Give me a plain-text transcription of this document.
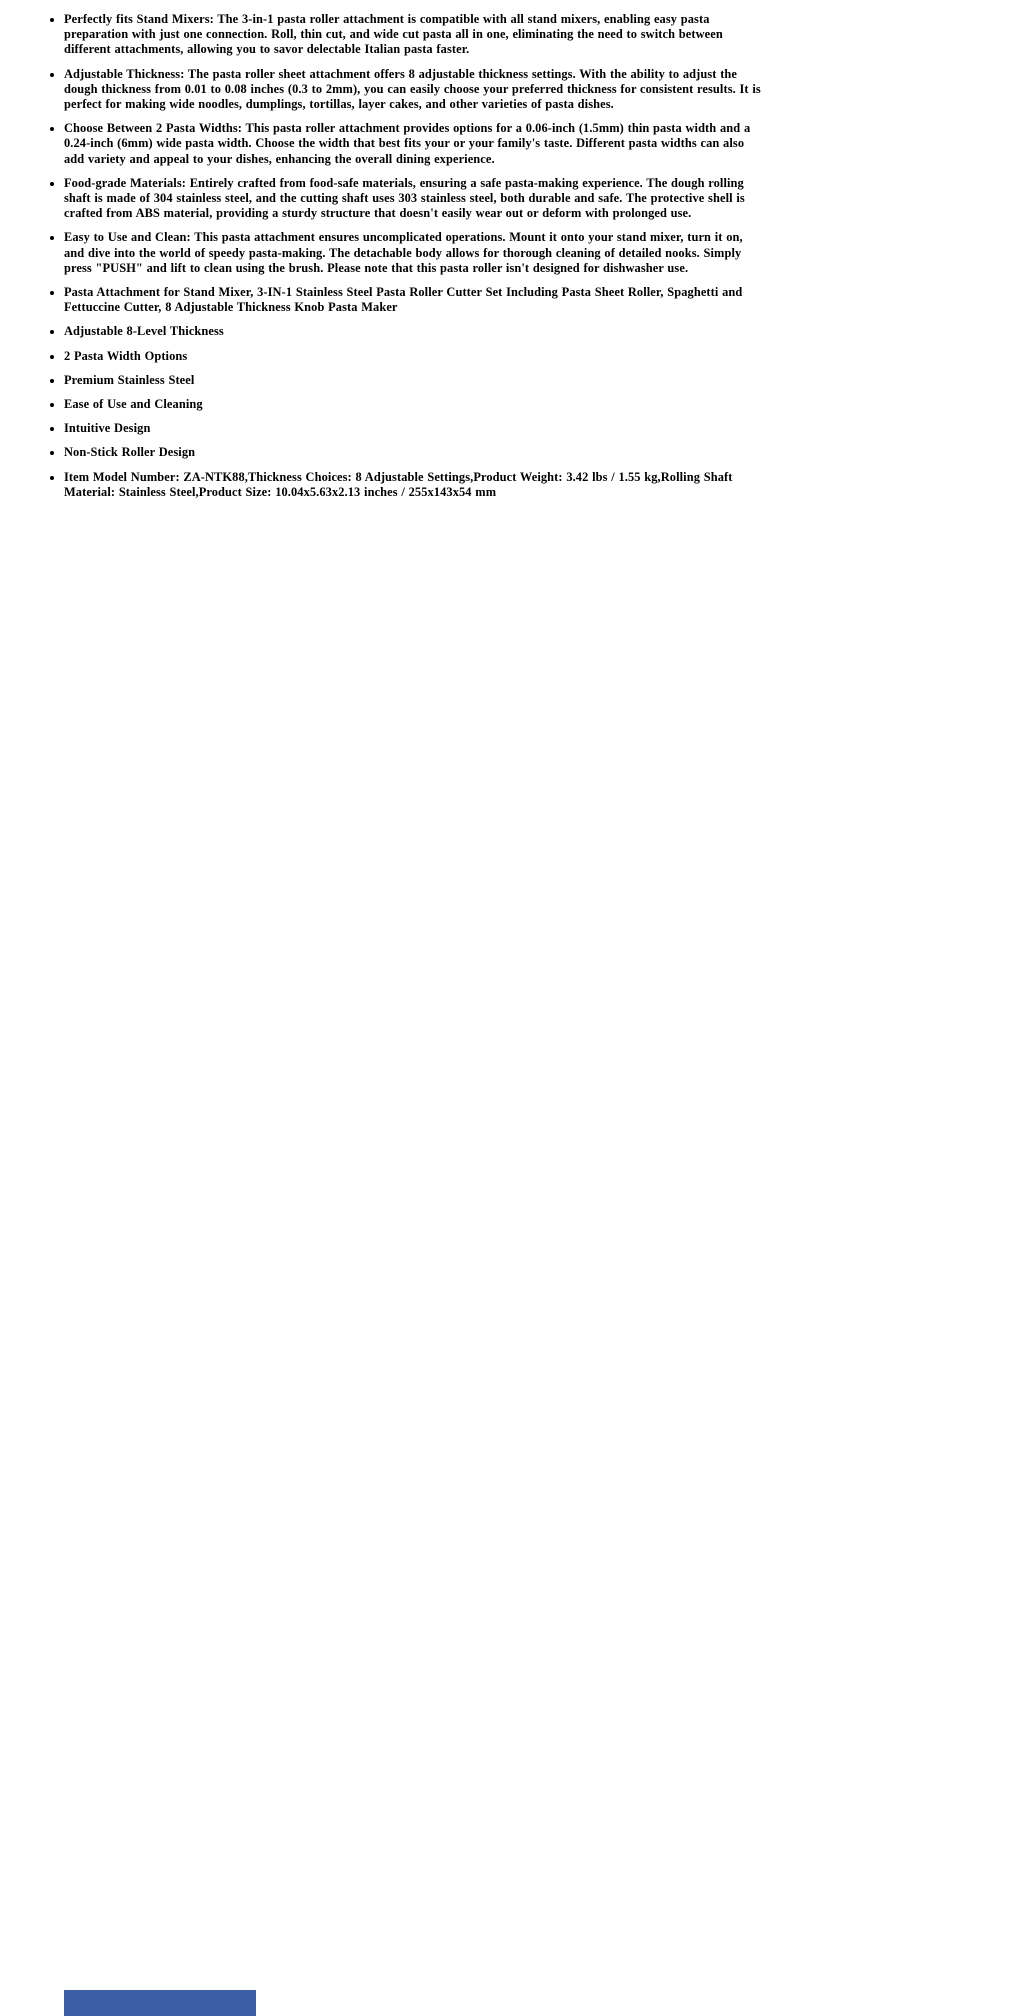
• Perfectly fits Stand Mixers: The 3-in-1 pasta roller attachment is compatible with all stand mixers, enabling easy pasta preparation with just one connection. Roll, thin cut, and wide cut pasta all in one, eliminating the need to switch between different attachments, allowing you to savor delectable Italian pasta faster.
• Adjustable Thickness: The pasta roller sheet attachment offers 8 adjustable thickness settings. With the ability to adjust the dough thickness from 0.01 to 0.08 inches (0.3 to 2mm), you can easily choose your preferred thickness for consistent results. It is perfect for making wide noodles, dumplings, tortillas, layer cakes, and other varieties of pasta dishes.
• Choose Between 2 Pasta Widths: This pasta roller attachment provides options for a 0.06-inch (1.5mm) thin pasta width and a 0.24-inch (6mm) wide pasta width. Choose the width that best fits your or your family's taste. Different pasta widths can also add variety and appeal to your dishes, enhancing the overall dining experience.
• Food-grade Materials: Entirely crafted from food-safe materials, ensuring a safe pasta-making experience. The dough rolling shaft is made of 304 stainless steel, and the cutting shaft uses 303 stainless steel, both durable and safe. The protective shell is crafted from ABS material, providing a sturdy structure that doesn't easily wear out or deform with prolonged use.
• Easy to Use and Clean: This pasta attachment ensures uncomplicated operations. Mount it onto your stand mixer, turn it on, and dive into the world of speedy pasta-making. The detachable body allows for thorough cleaning of detailed nooks. Simply press "PUSH" and lift to clean using the brush. Please note that this pasta roller isn't designed for dishwasher use.
• Pasta Attachment for Stand Mixer, 3-IN-1 Stainless Steel Pasta Roller Cutter Set Including Pasta Sheet Roller, Spaghetti and Fettuccine Cutter, 8 Adjustable Thickness Knob Pasta Maker
• Adjustable 8-Level Thickness
• 2 Pasta Width Options
• Premium Stainless Steel
• Ease of Use and Cleaning
• Intuitive Design
• Non-Stick Roller Design
• Item Model Number: ZA-NTK88,Thickness Choices: 8 Adjustable Settings,Product Weight: 3.42 lbs / 1.55 kg,Rolling Shaft Material: Stainless Steel,Product Size: 10.04x5.63x2.13 inches / 255x143x54 mm
